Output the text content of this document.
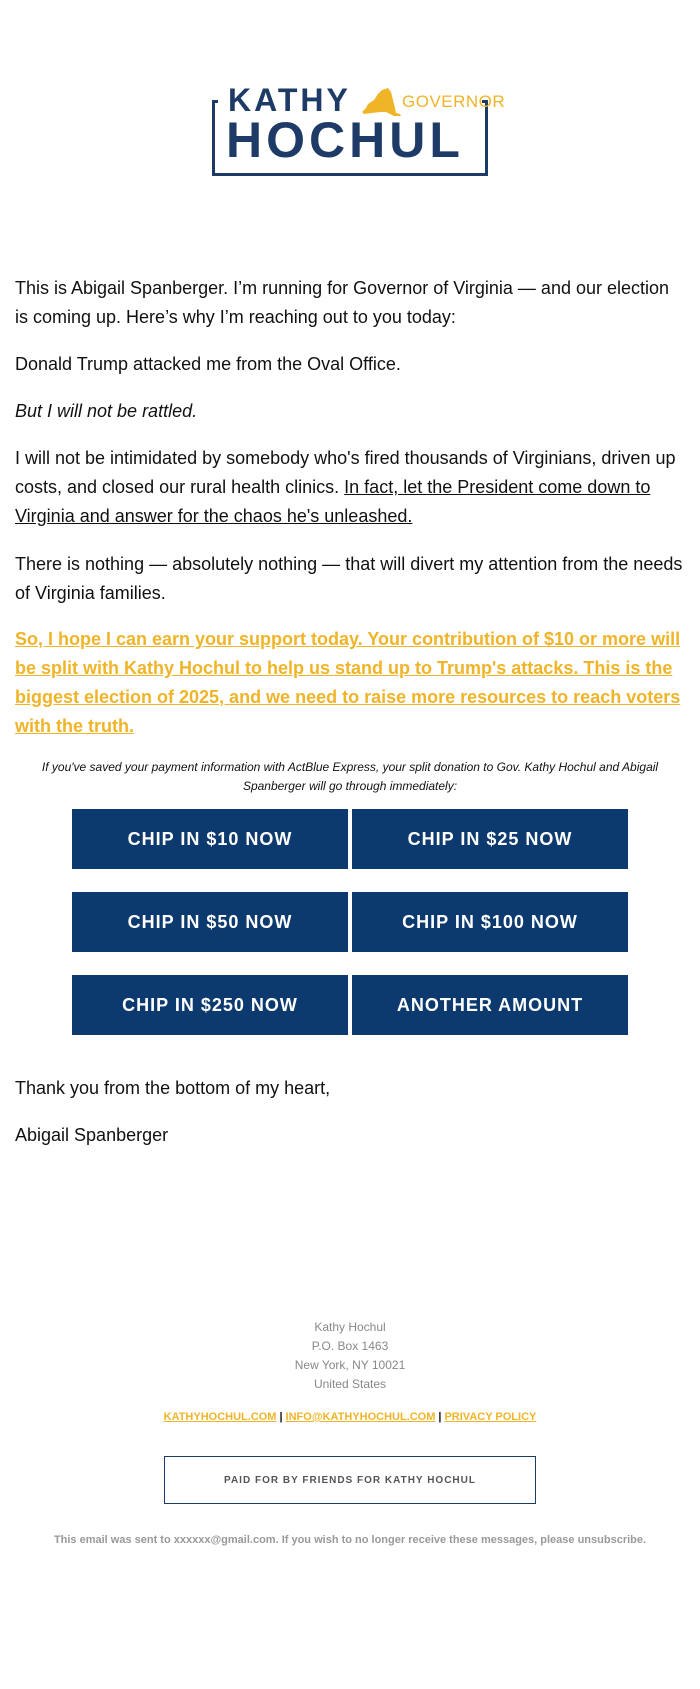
KATHY	GOVERNOR
HOCHUL

This is Abigail Spanberger. I’m running for Governor of Virginia — and our election is coming up. Here’s why I’m reaching out to you today:

Donald Trump attacked me from the Oval Office.

But I will not be rattled.

I will not be intimidated by somebody who's fired thousands of Virginians, driven up costs, and closed our rural health clinics. In fact, let the President come down to Virginia and answer for the chaos he's unleashed.

There is nothing — absolutely nothing — that will divert my attention from the needs of Virginia families.

So, I hope I can earn your support today. Your contribution of $10 or more will be split with Kathy Hochul to help us stand up to Trump's attacks. This is the biggest election of 2025, and we need to raise more resources to reach voters with the truth.

If you've saved your payment information with ActBlue Express, your split donation to Gov. Kathy Hochul and Abigail Spanberger will go through immediately:
CHIP IN $10 NOW	CHIP IN $25 NOW
CHIP IN $50 NOW	CHIP IN $100 NOW
CHIP IN $250 NOW	ANOTHER AMOUNT
Thank you from the bottom of my heart,
Abigail Spanberger
Kathy Hochul
P.O. Box 1463
New York, NY 10021
United States
KATHYHOCHUL.COM | INFO@KATHYHOCHUL.COM | PRIVACY POLICY
PAID FOR BY FRIENDS FOR KATHY HOCHUL
This email was sent to xxxxxx@gmail.com. If you wish to no longer receive these messages, please unsubscribe.
